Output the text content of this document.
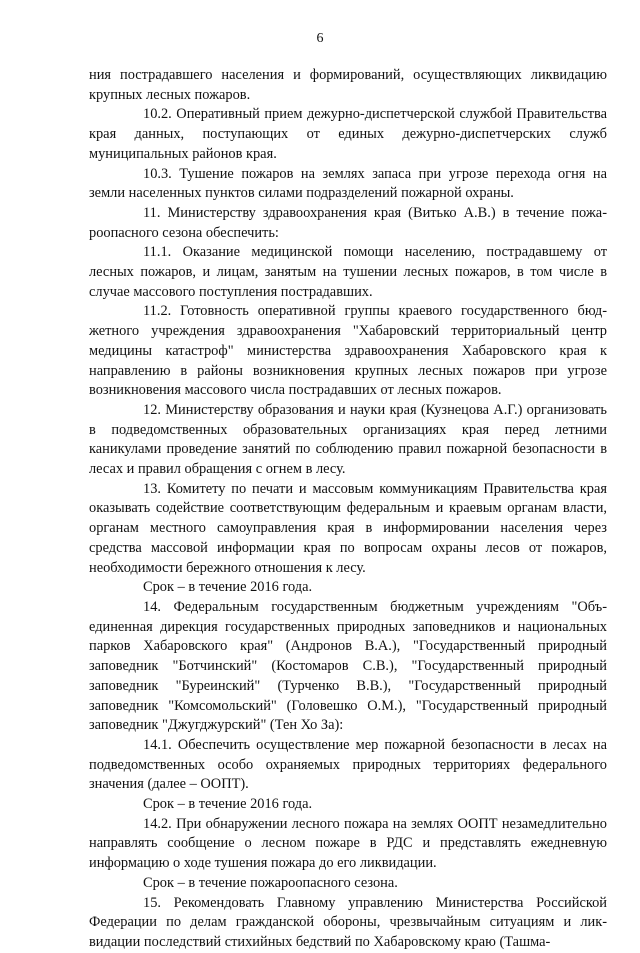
6

ния пострадавшего населения и формирований, осуществляющих ликвидацию крупных лесных пожаров.

10.2. Оперативный прием дежурно-диспетчерской службой Правительства края данных, поступающих от единых дежурно-диспетчерских служб муниципальных районов края.

10.3. Тушение пожаров на землях запаса при угрозе перехода огня на земли населенных пунктов силами подразделений пожарной охраны.

11. Министерству здравоохранения края (Витько А.В.) в течение пожароопасного сезона обеспечить:

11.1. Оказание медицинской помощи населению, пострадавшему от лесных пожаров, и лицам, занятым на тушении лесных пожаров, в том числе в случае массового поступления пострадавших.

11.2. Готовность оперативной группы краевого государственного бюджетного учреждения здравоохранения "Хабаровский территориальный центр медицины катастроф" министерства здравоохранения Хабаровского края к направлению в районы возникновения крупных лесных пожаров при угрозе возникновения массового числа пострадавших от лесных пожаров.

12. Министерству образования и науки края (Кузнецова А.Г.) организовать в подведомственных образовательных организациях края перед летними каникулами проведение занятий по соблюдению правил пожарной безопасности в лесах и правил обращения с огнем в лесу.

13. Комитету по печати и массовым коммуникациям Правительства края оказывать содействие соответствующим федеральным и краевым органам власти, органам местного самоуправления края в информировании населения через средства массовой информации края по вопросам охраны лесов от пожаров, необходимости бережного отношения к лесу.

Срок – в течение 2016 года.

14. Федеральным государственным бюджетным учреждениям "Объединенная дирекция государственных природных заповедников и национальных парков Хабаровского края" (Андронов В.А.), "Государственный природный заповедник "Ботчинский" (Костомаров С.В.), "Государственный природный заповедник "Буреинский" (Турченко В.В.), "Государственный природный заповедник "Комсомольский" (Головешко О.М.), "Государственный природный заповедник "Джугджурский" (Тен Хо За):

14.1. Обеспечить осуществление мер пожарной безопасности в лесах на подведомственных особо охраняемых природных территориях федерального значения (далее – ООПТ).

Срок – в течение 2016 года.

14.2. При обнаружении лесного пожара на землях ООПТ незамедлительно направлять сообщение о лесном пожаре в РДС и представлять ежедневную информацию о ходе тушения пожара до его ликвидации.

Срок – в течение пожароопасного сезона.

15. Рекомендовать Главному управлению Министерства Российской Федерации по делам гражданской обороны, чрезвычайным ситуациям и ликвидации последствий стихийных бедствий по Хабаровскому краю (Ташма-
